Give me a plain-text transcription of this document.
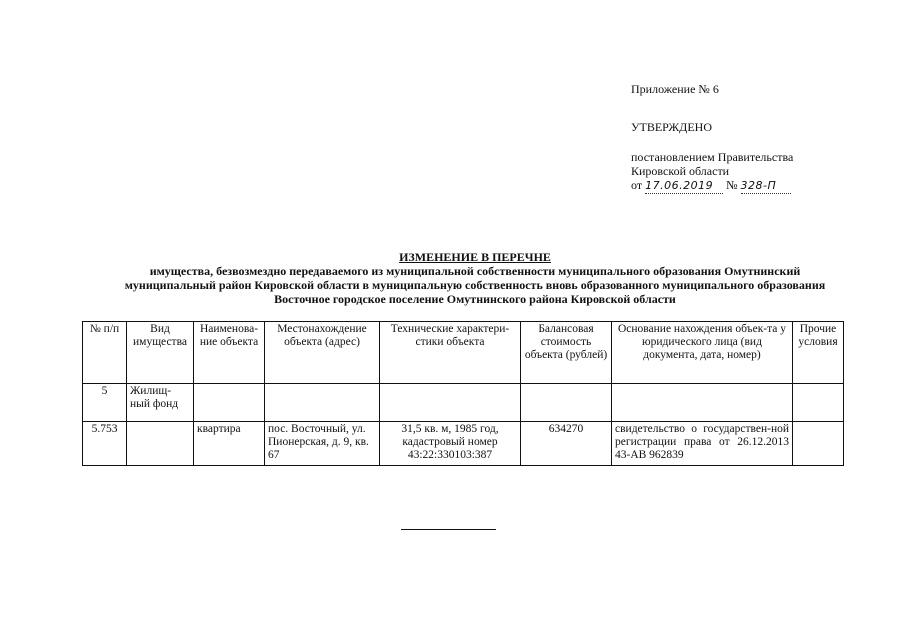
Приложение № 6
УТВЕРЖДЕНО
постановлением Правительства
Кировской области
от 17.06.2019 № 328-П
ИЗМЕНЕНИЕ В ПЕРЕЧНЕ
имущества, безвозмездно передаваемого из муниципальной собственности муниципального образования Омутнинский
муниципальный район Кировской области в муниципальную собственность вновь образованного муниципального образования
Восточное городское поселение Омутнинского района Кировской области
№ п/п	Вид имущества	Наименова-ние объекта	Местонахождение объекта (адрес)	Технические характери-стики объекта	Балансовая стоимость объекта (рублей)	Основание нахождения объек-та у юридического лица (вид документа, дата, номер)	Прочие условия
5	Жилищ-ный фонд						
5.753		квартира	пос. Восточный, ул. Пионерская, д. 9, кв. 67	31,5 кв. м, 1985 год, кадастровый номер 43:22:330103:387	634270	свидетельство о государствен-ной регистрации права от 26.12.2013 43-АВ 962839	
